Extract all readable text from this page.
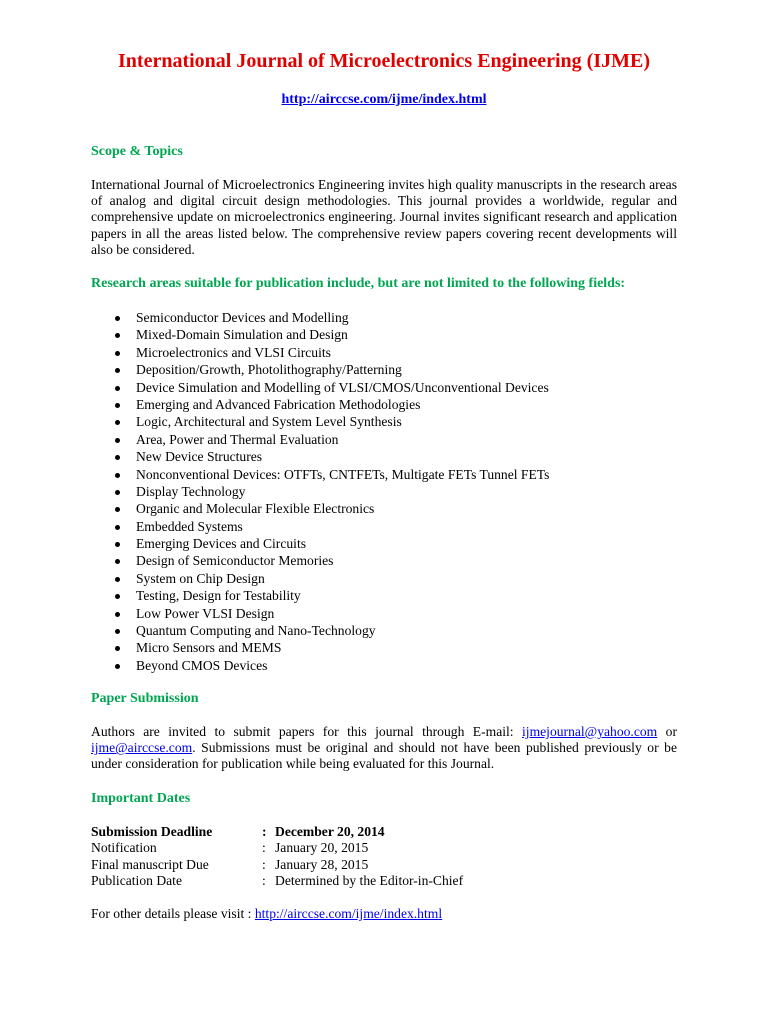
International Journal of Microelectronics Engineering (IJME)
http://airccse.com/ijme/index.html
Scope & Topics

International Journal of Microelectronics Engineering invites high quality manuscripts in the research areas of analog and digital circuit design methodologies. This journal provides a worldwide, regular and comprehensive update on microelectronics engineering. Journal invites significant research and application papers in all the areas listed below. The comprehensive review papers covering recent developments will also be considered.

Research areas suitable for publication include, but are not limited to the following fields:
Semiconductor Devices and Modelling
Mixed-Domain Simulation and Design
Microelectronics and VLSI Circuits
Deposition/Growth, Photolithography/Patterning
Device Simulation and Modelling of VLSI/CMOS/Unconventional Devices
Emerging and Advanced Fabrication Methodologies
Logic, Architectural and System Level Synthesis
Area, Power and Thermal Evaluation
New Device Structures
Nonconventional Devices: OTFTs, CNTFETs, Multigate FETs Tunnel FETs
Display Technology
Organic and Molecular Flexible Electronics
Embedded Systems
Emerging Devices and Circuits
Design of Semiconductor Memories
System on Chip Design
Testing, Design for Testability
Low Power VLSI Design
Quantum Computing and Nano-Technology
Micro Sensors and MEMS
Beyond CMOS Devices
Paper Submission

Authors are invited to submit papers for this journal through E-mail: ijmejournal@yahoo.com or ijme@airccse.com. Submissions must be original and should not have been published previously or be under consideration for publication while being evaluated for this Journal.

Important Dates
Submission Deadline	: December 20, 2014
Notification	: January 20, 2015
Final manuscript Due	: January 28, 2015
Publication Date	: Determined by the Editor-in-Chief
For other details please visit : http://airccse.com/ijme/index.html
